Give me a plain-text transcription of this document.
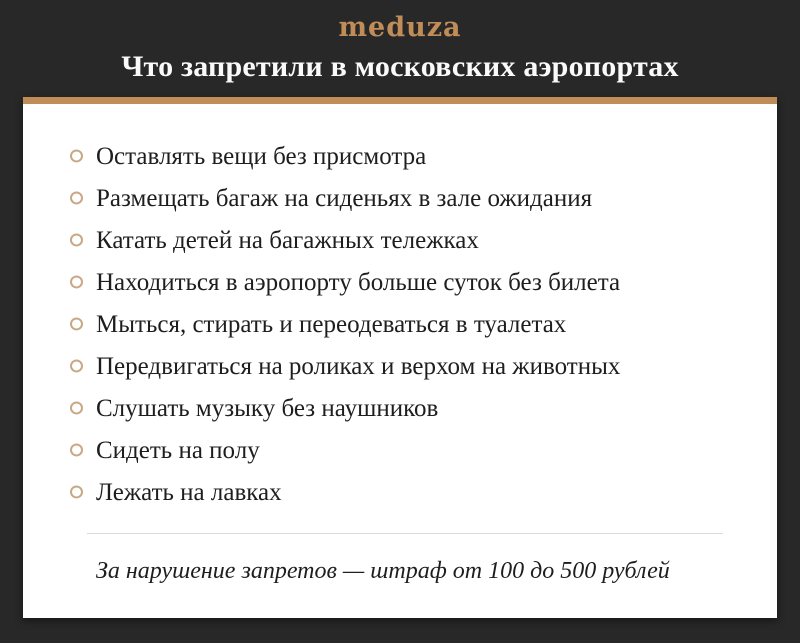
meduza
Что запретили в московских аэропортах
Оставлять вещи без присмотра
Размещать багаж на сиденьях в зале ожидания
Катать детей на багажных тележках
Находиться в аэропорту больше суток без билета
Мыться, стирать и переодеваться в туалетах
Передвигаться на роликах и верхом на животных
Слушать музыку без наушников
Сидеть на полу
Лежать на лавках

За нарушение запретов — штраф от 100 до 500 рублей
